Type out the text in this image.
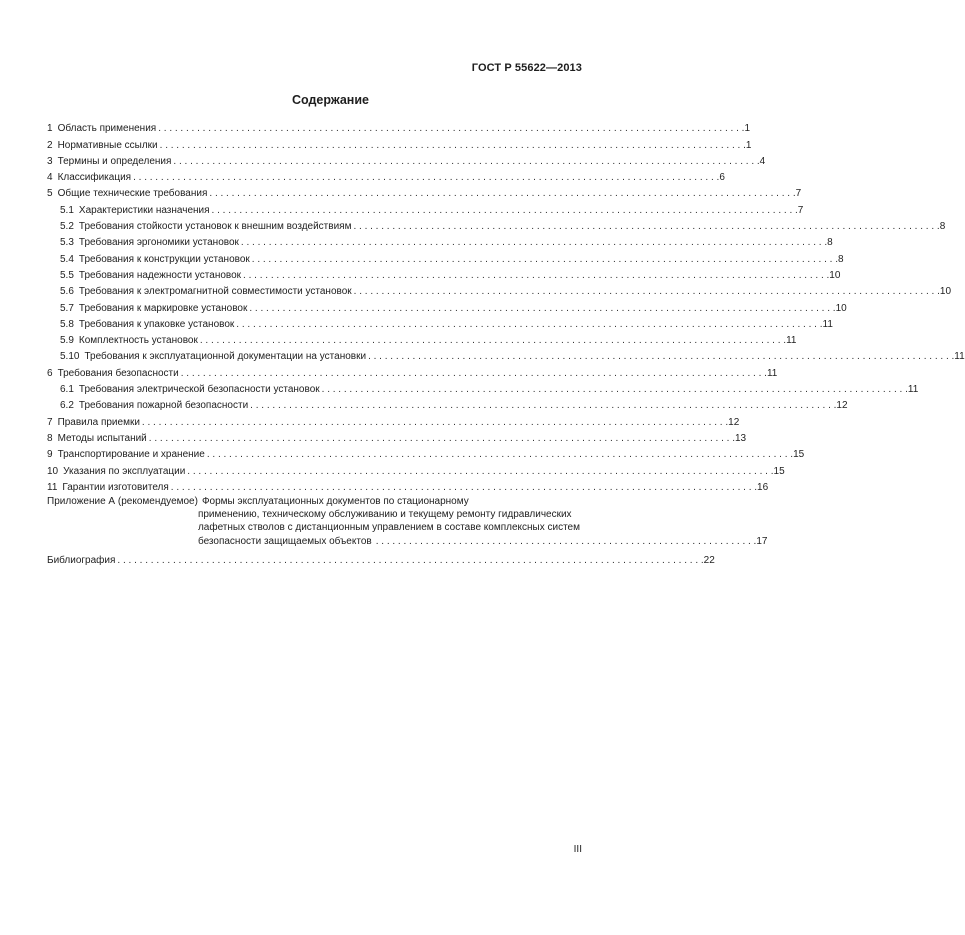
ГОСТ Р 55622—2013
Содержание
1 Область применения . . .	1
2 Нормативные ссылки . . .	1
3 Термины и определения . . .	4
4 Классификация . . .	6
5 Общие технические требования . . .	7
5.1 Характеристики назначения . . .	7
5.2 Требования стойкости установок к внешним воздействиям . . .	8
5.3 Требования эргономики установок . . .	8
5.4 Требования к конструкции установок . . .	8
5.5 Требования надежности установок . . .	10
5.6 Требования к электромагнитной совместимости установок . . .	10
5.7 Требования к маркировке установок . . .	10
5.8 Требования к упаковке установок . . .	11
5.9 Комплектность установок . . .	11
5.10 Требования к эксплуатационной документации на установки . . .	11
6 Требования безопасности . . .	11
6.1 Требования электрической безопасности установок . . .	11
6.2 Требования пожарной безопасности . . .	12
7 Правила приемки . . .	12
8 Методы испытаний . . .	13
9 Транспортирование и хранение . . .	15
10 Указания по эксплуатации . . .	15
11 Гарантии изготовителя . . .	16
Приложение А (рекомендуемое) Формы эксплуатационных документов по стационарному
применению, техническому обслуживанию и текущему ремонту гидравлических
лафетных стволов с дистанционным управлением в составе комплексных систем
безопасности защищаемых объектов . . .	17
Библиография . . .	22
III
